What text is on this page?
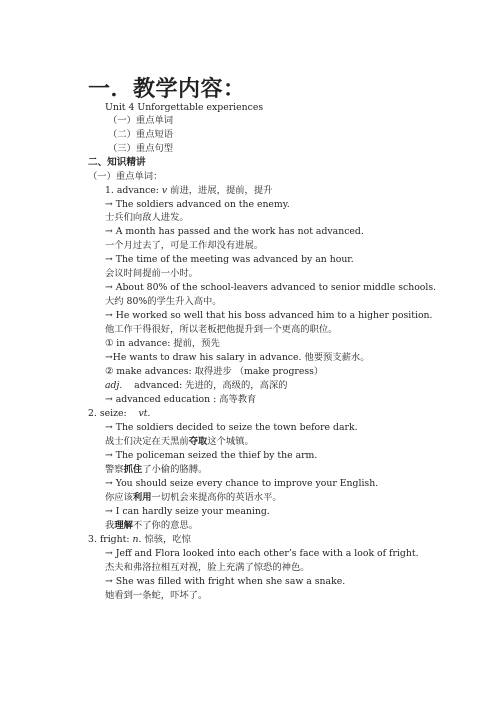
一．教学内容：
Unit 4 Unforgettable experiences
（一）重点单词
（二）重点短语
（三）重点句型
二、知识精讲
（一）重点单词：
1. advance: v 前进，进展，提前，提升
→ The soldiers advanced on the enemy.
士兵们向敌人进发。
→ A month has passed and the work has not advanced.
一个月过去了，可是工作却没有进展。
→ The time of the meeting was advanced by an hour.
会议时间提前一小时。
→ About 80% of the school-leavers advanced to senior middle schools.
大约 80%的学生升入高中。
→ He worked so well that his boss advanced him to a higher position.
他工作干得很好，所以老板把他提升到一个更高的职位。
① in advance: 提前，预先
→He wants to draw his salary in advance. 他要预支薪水。
② make advances: 取得进步 （make progress）
adj. advanced: 先进的，高级的，高深的
→ advanced education : 高等教育
2. seize: vt.
→ The soldiers decided to seize the town before dark.
战士们决定在天黑前夺取这个城镇。
→ The policeman seized the thief by the arm.
警察抓住了小偷的胳膊。
→ You should seize every chance to improve your English.
你应该利用一切机会来提高你的英语水平。
→ I can hardly seize your meaning.
我理解不了你的意思。
3. fright: n. 惊骇，吃惊
→ Jeff and Flora looked into each other’s face with a look of fright.
杰夫和弗洛拉相互对视，脸上充满了惊恐的神色。
→ She was filled with fright when she saw a snake.
她看到一条蛇，吓坏了。
